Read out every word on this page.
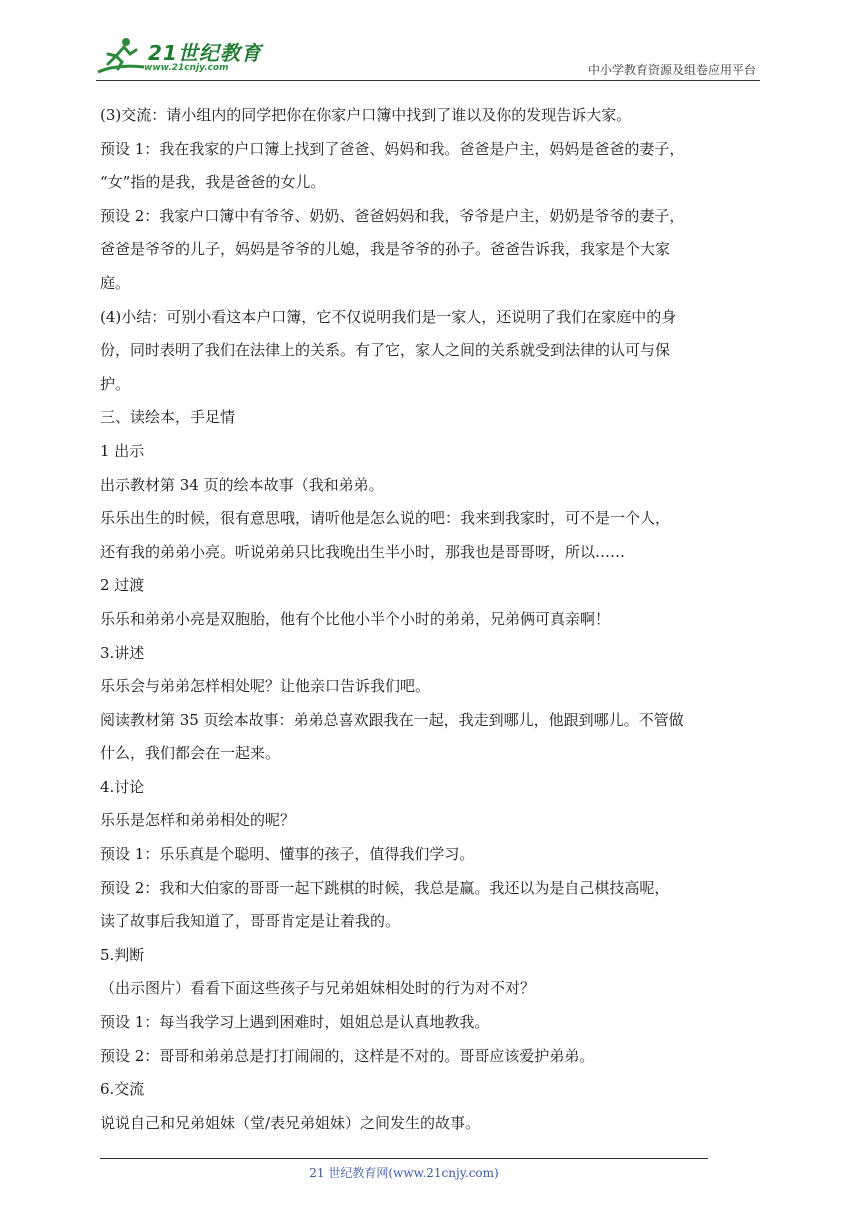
21世纪教育
www.21cnjy.com	中小学教育资源及组卷应用平台

(3)交流：请小组内的同学把你在你家户口簿中找到了谁以及你的发现告诉大家。

预设 1：我在我家的户口簿上找到了爸爸、妈妈和我。爸爸是户主，妈妈是爸爸的妻子，

“女”指的是我，我是爸爸的女儿。

预设 2：我家户口簿中有爷爷、奶奶、爸爸妈妈和我，爷爷是户主，奶奶是爷爷的妻子，

爸爸是爷爷的儿子，妈妈是爷爷的儿媳，我是爷爷的孙子。爸爸告诉我，我家是个大家

庭。

(4)小结：可别小看这本户口簿，它不仅说明我们是一家人，还说明了我们在家庭中的身

份，同时表明了我们在法律上的关系。有了它，家人之间的关系就受到法律的认可与保

护。

三、读绘本，手足情

1 出示

出示教材第 34 页的绘本故事（我和弟弟。

乐乐出生的时候，很有意思哦，请听他是怎么说的吧：我来到我家时，可不是一个人，

还有我的弟弟小亮。听说弟弟只比我晚出生半小时，那我也是哥哥呀，所以……

2 过渡

乐乐和弟弟小亮是双胞胎，他有个比他小半个小时的弟弟，兄弟俩可真亲啊！

3.讲述

乐乐会与弟弟怎样相处呢？让他亲口告诉我们吧。

阅读教材第 35 页绘本故事：弟弟总喜欢跟我在一起，我走到哪儿，他跟到哪儿。不管做

什么，我们都会在一起来。

4.讨论

乐乐是怎样和弟弟相处的呢？

预设 1：乐乐真是个聪明、懂事的孩子，值得我们学习。

预设 2：我和大伯家的哥哥一起下跳棋的时候，我总是赢。我还以为是自己棋技高呢，

读了故事后我知道了，哥哥肯定是让着我的。

5.判断

（出示图片）看看下面这些孩子与兄弟姐妹相处时的行为对不对？

预设 1：每当我学习上遇到困难时，姐姐总是认真地教我。

预设 2：哥哥和弟弟总是打打闹闹的，这样是不对的。哥哥应该爱护弟弟。

6.交流

说说自己和兄弟姐妹（堂/表兄弟姐妹）之间发生的故事。

21 世纪教育网(www.21cnjy.com)
